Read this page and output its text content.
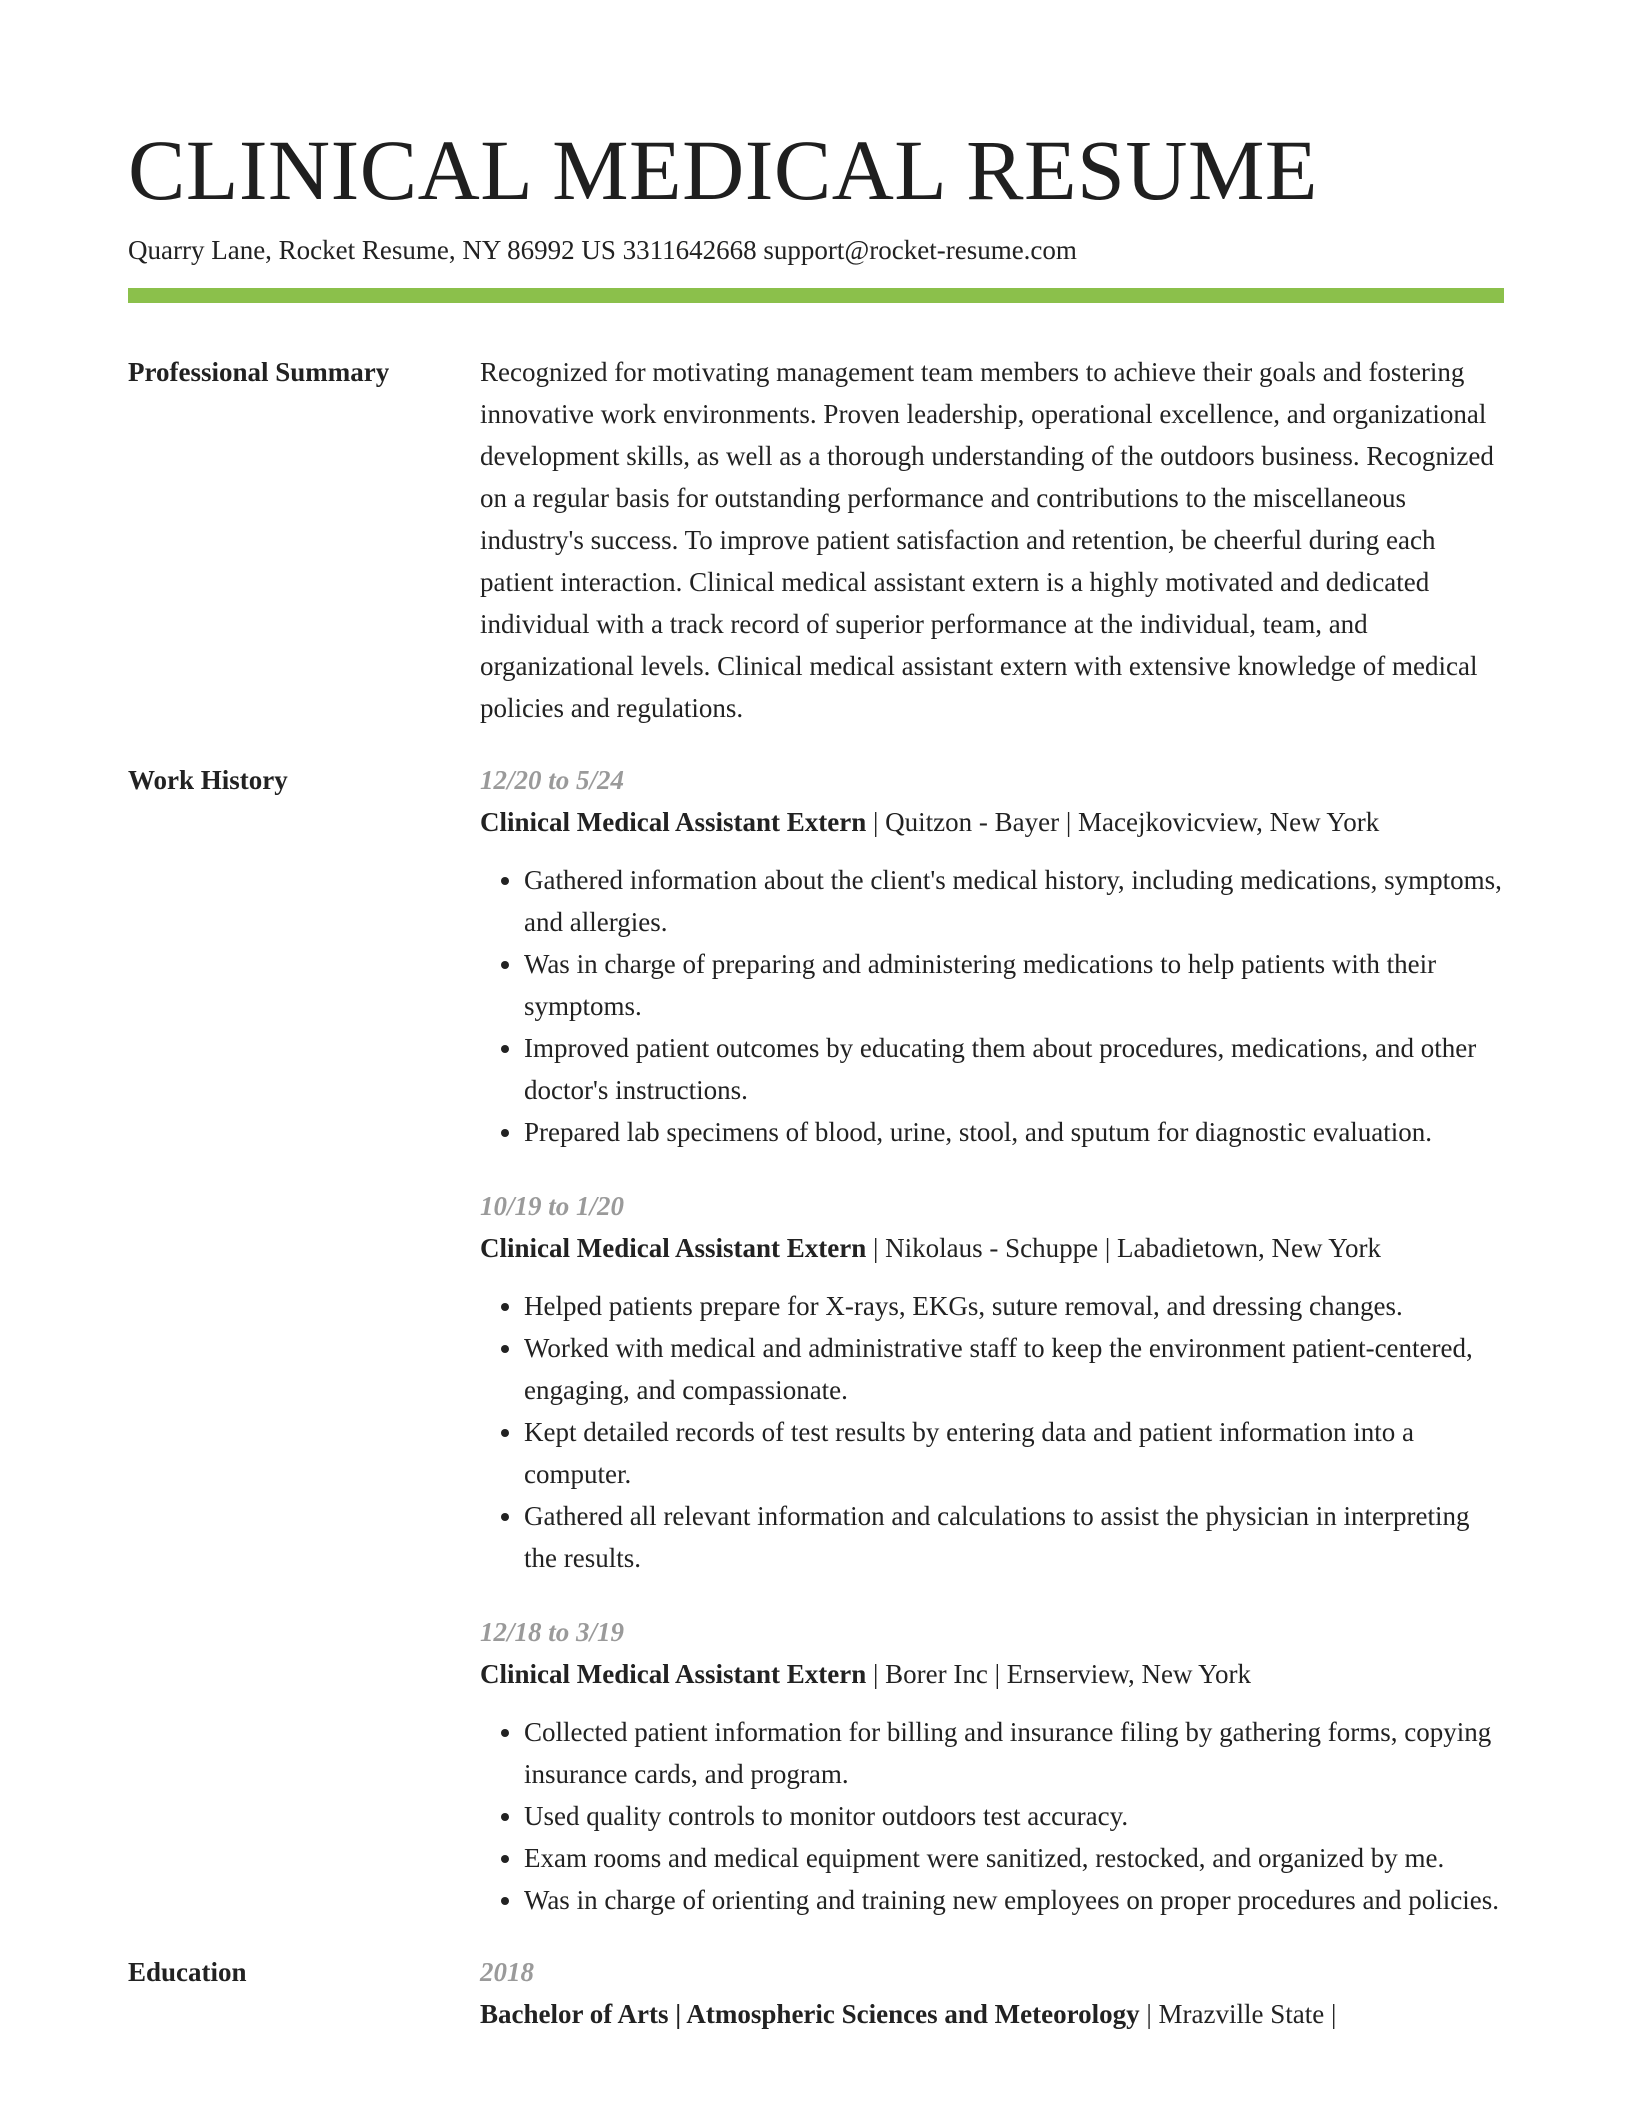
CLINICAL MEDICAL RESUME
Quarry Lane, Rocket Resume, NY 86992 US 3311642668 support@rocket-resume.com
Professional Summary	Recognized for motivating management team members to achieve their goals and fostering innovative work environments. Proven leadership, operational excellence, and organizational development skills, as well as a thorough understanding of the outdoors business. Recognized on a regular basis for outstanding performance and contributions to the miscellaneous industry's success. To improve patient satisfaction and retention, be cheerful during each patient interaction. Clinical medical assistant extern is a highly motivated and dedicated individual with a track record of superior performance at the individual, team, and organizational levels. Clinical medical assistant extern with extensive knowledge of medical policies and regulations.
Work History	12/20 to 5/24
Clinical Medical Assistant Extern | Quitzon - Bayer | Macejkovicview, New York
• Gathered information about the client's medical history, including medications, symptoms, and allergies.
• Was in charge of preparing and administering medications to help patients with their symptoms.
• Improved patient outcomes by educating them about procedures, medications, and other doctor's instructions.
• Prepared lab specimens of blood, urine, stool, and sputum for diagnostic evaluation.
10/19 to 1/20
Clinical Medical Assistant Extern | Nikolaus - Schuppe | Labadietown, New York
• Helped patients prepare for X-rays, EKGs, suture removal, and dressing changes.
• Worked with medical and administrative staff to keep the environment patient-centered, engaging, and compassionate.
• Kept detailed records of test results by entering data and patient information into a computer.
• Gathered all relevant information and calculations to assist the physician in interpreting the results.
12/18 to 3/19
Clinical Medical Assistant Extern | Borer Inc | Ernserview, New York
• Collected patient information for billing and insurance filing by gathering forms, copying insurance cards, and program.
• Used quality controls to monitor outdoors test accuracy.
• Exam rooms and medical equipment were sanitized, restocked, and organized by me.
• Was in charge of orienting and training new employees on proper procedures and policies.
Education	2018
Bachelor of Arts | Atmospheric Sciences and Meteorology | Mrazville State |
